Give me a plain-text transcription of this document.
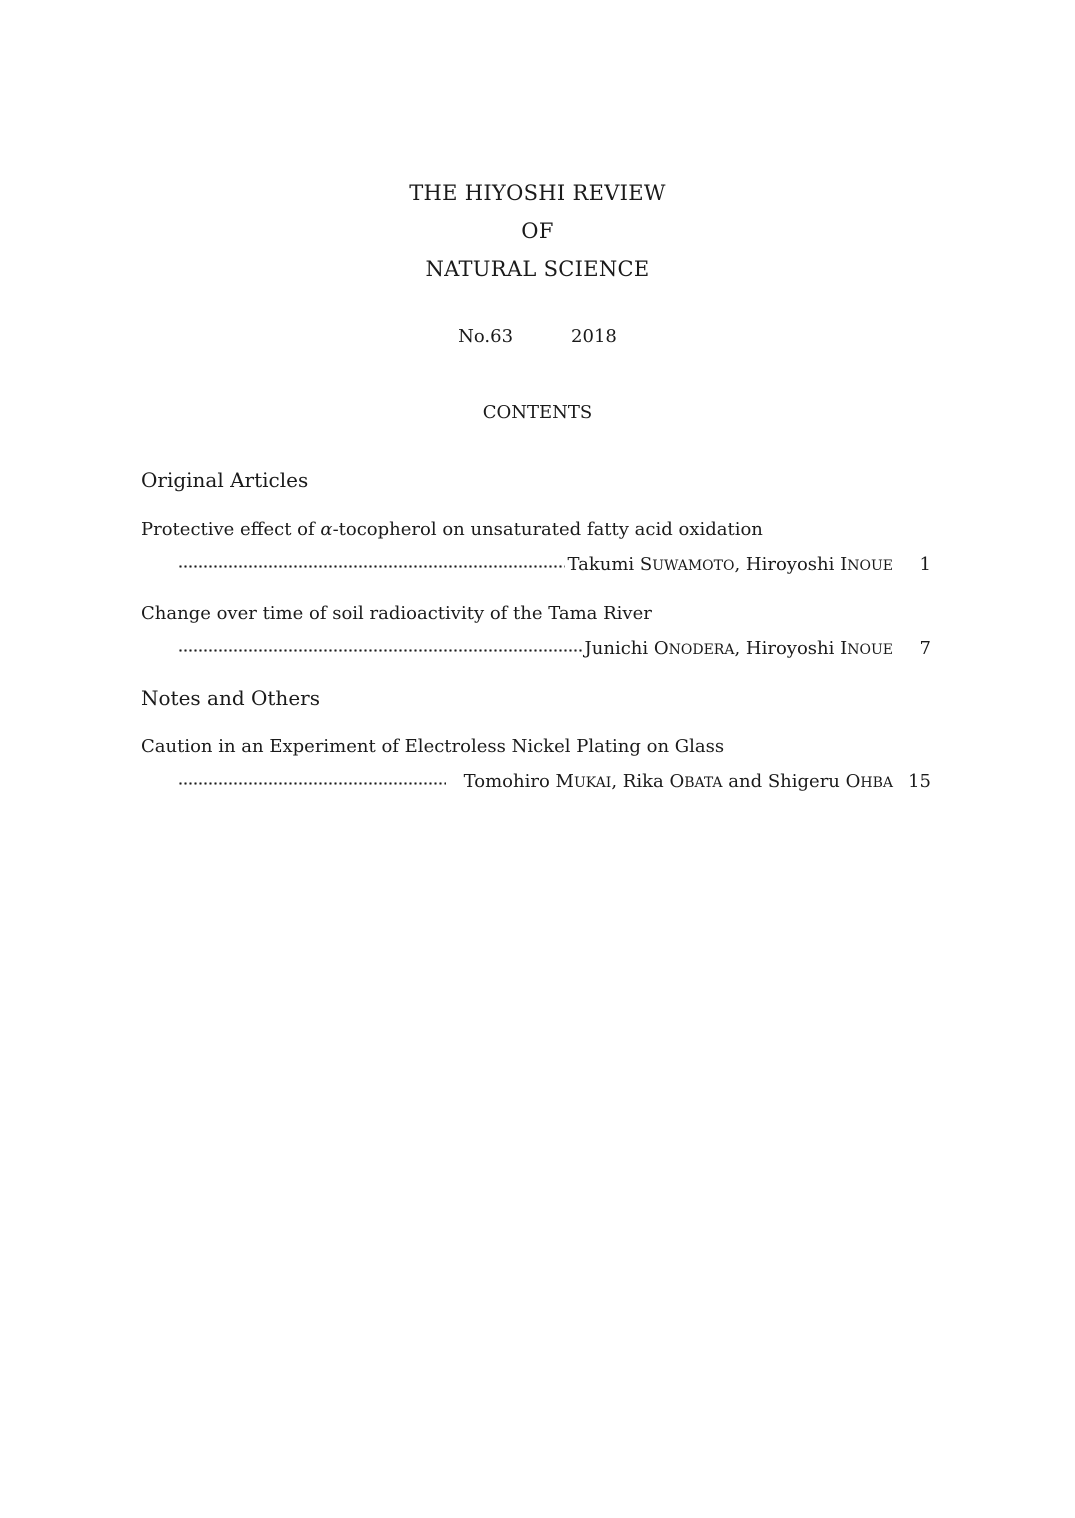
THE HIYOSHI REVIEW
OF
NATURAL SCIENCE
No.63	2018
CONTENTS
Original Articles
Protective effect of α-tocopherol on unsaturated fatty acid oxidation
Takumi SUWAMOTO, Hiroyoshi INOUE	1
Change over time of soil radioactivity of the Tama River
Junichi ONODERA, Hiroyoshi INOUE	7
Notes and Others
Caution in an Experiment of Electroless Nickel Plating on Glass
Tomohiro MUKAI, Rika OBATA and Shigeru OHBA 15
